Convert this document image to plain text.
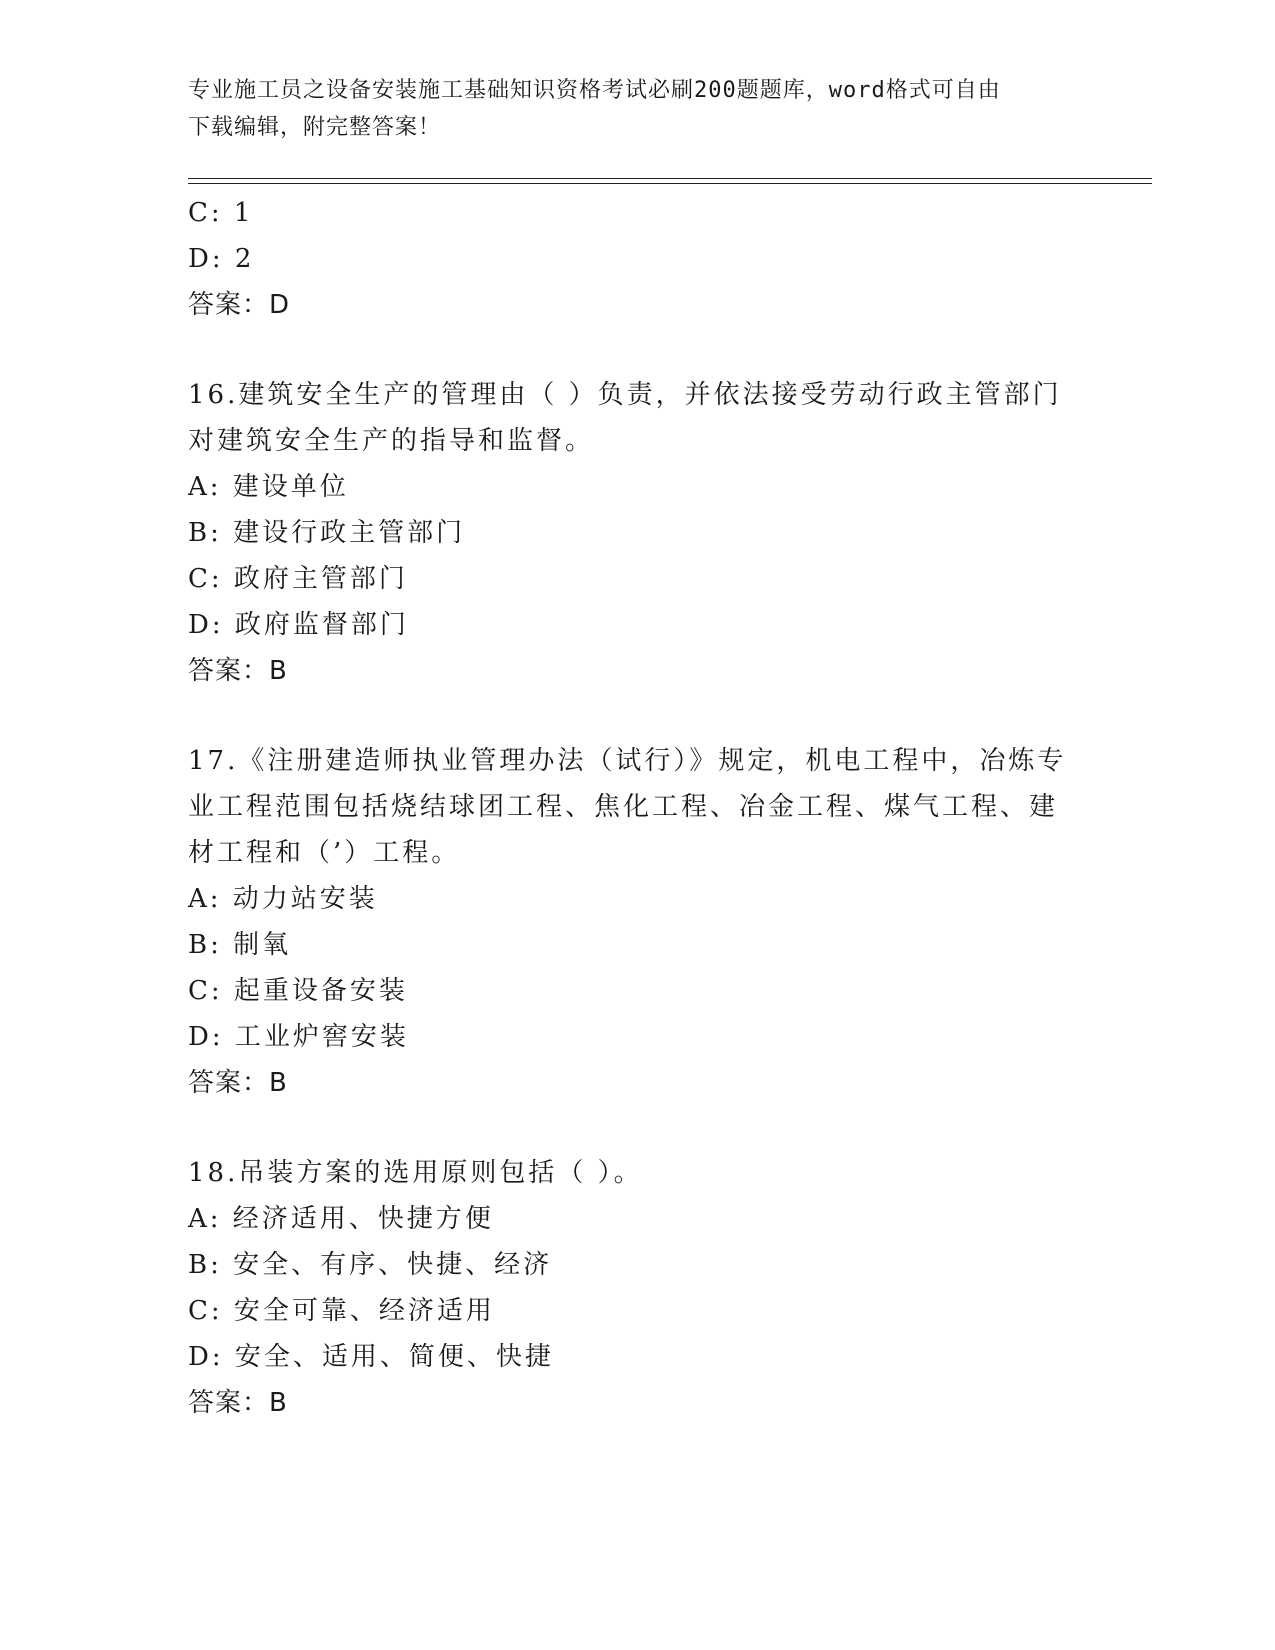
专业施工员之设备安装施工基础知识资格考试必刷200题题库，word格式可自由
下载编辑，附完整答案！
C: 1
D: 2
答案：D
16.建筑安全生产的管理由（ ）负责，并依法接受劳动行政主管部门
对建筑安全生产的指导和监督。
A: 建设单位
B: 建设行政主管部门
C: 政府主管部门
D: 政府监督部门
答案：B
17.《注册建造师执业管理办法（试行）》规定，机电工程中，冶炼专
业工程范围包括烧结球团工程、焦化工程、冶金工程、煤气工程、建
材工程和（’）工程。
A: 动力站安装
B: 制氧
C: 起重设备安装
D: 工业炉窖安装
答案：B
18.吊装方案的选用原则包括（ ）。
A: 经济适用、快捷方便
B: 安全、有序、快捷、经济
C: 安全可靠、经济适用
D: 安全、适用、简便、快捷
答案：B
